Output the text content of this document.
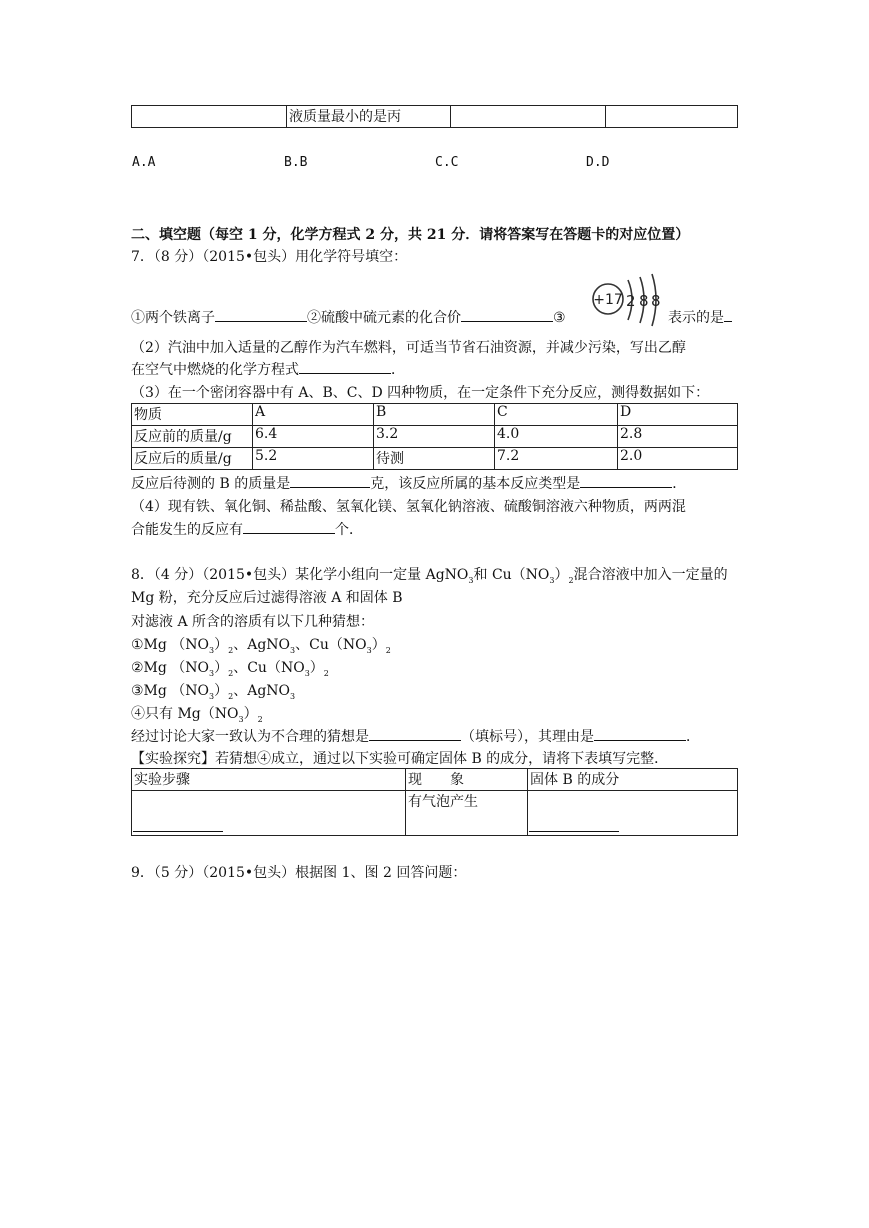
	液质量最小的是丙		
A.A	B.B	C.C	D.D
二、填空题（每空 1 分，化学方程式 2 分，共 21 分．请将答案写在答题卡的对应位置）
7．（8 分）（2015•包头）用化学符号填空：
①两个铁离子	②硫酸中硫元素的化合价	③
+17 2 8 8
表示的是
（2）汽油中加入适量的乙醇作为汽车燃料，可适当节省石油资源，并减少污染，写出乙醇
在空气中燃烧的化学方程式	．
（3）在一个密闭容器中有 A、B、C、D 四种物质，在一定条件下充分反应，测得数据如下：
物质	A	B	C	D
反应前的质量/g	6.4	3.2	4.0	2.8
反应后的质量/g	5.2	待测	7.2	2.0
反应后待测的 B 的质量是	克，该反应所属的基本反应类型是	．
（4）现有铁、氧化铜、稀盐酸、氢氧化镁、氢氧化钠溶液、硫酸铜溶液六种物质，两两混
合能发生的反应有	个．
8．（4 分）（2015•包头）某化学小组向一定量 AgNO$_3$和 $Cu(NO_3)_2$混合溶液中加入一定量的
Mg 粉，充分反应后过滤得溶液 A 和固体 B
对滤液 A 所含的溶质有以下几种猜想：
①Mg $(NO_3)_2$、AgNO$_3$、$Cu(NO_3)_2$
②Mg $(NO_3)_2$、$Cu(NO_3)_2$
③Mg $(NO_3)_2$、AgNO$_3$
④只有 $Mg(NO_3)_2$
经过讨论大家一致认为不合理的猜想是	（填标号），其理由是	．
【实验探究】若猜想④成立，通过以下实验可确定固体 B 的成分，请将下表填写完整．
实验步骤	现　　象	固体 B 的成分
	有气泡产生	
9．（5 分）（2015•包头）根据图 1、图 2 回答问题：
